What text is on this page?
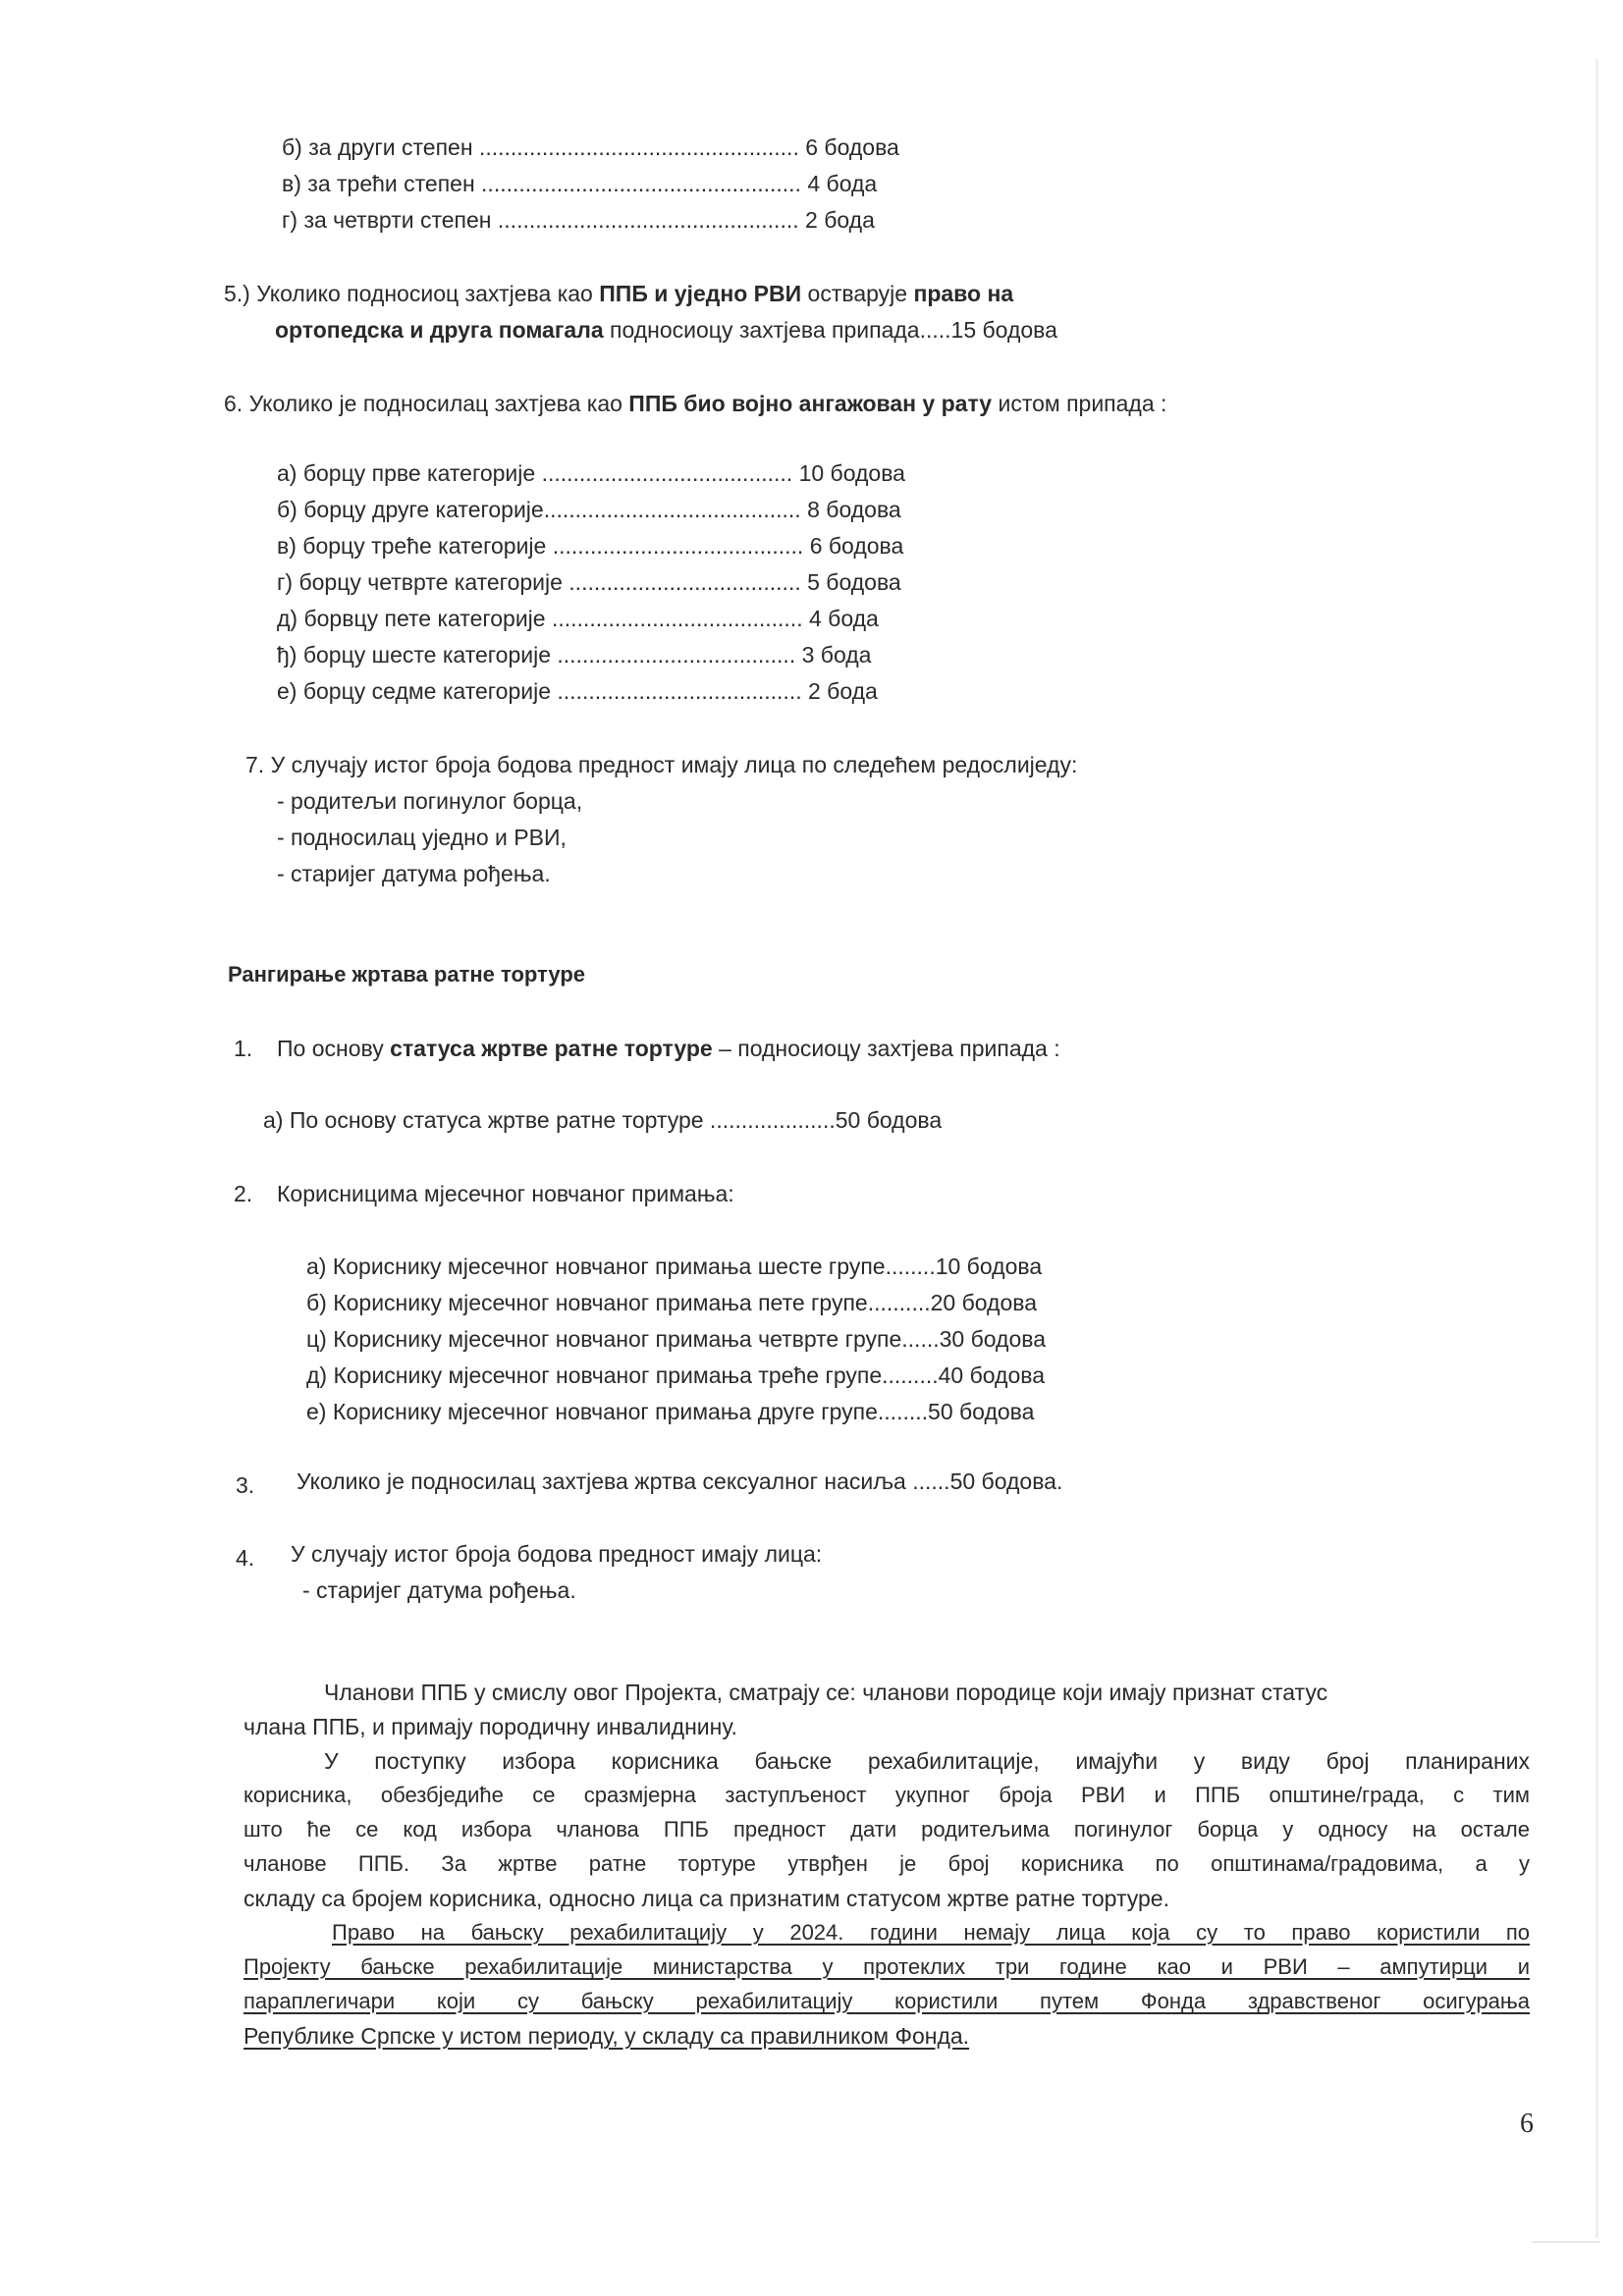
б) за други степен ................................................... 6 бодова
в) за трећи степен ................................................... 4 бода
г) за четврти степен ................................................ 2 бода
5.) Уколико подносиоц захтјева као ППБ и уједно РВИ остварује право на
ортопедска и друга помагала подносиоцу захтјева припада.....15 бодова
6. Уколико је подносилац захтјева као ППБ био војно ангажован у рату истом припада :
а) борцу прве категорије ........................................ 10 бодова
б) борцу друге категорије......................................... 8 бодова
в) борцу треће категорије ........................................ 6 бодова
г) борцу четврте категорије ..................................... 5 бодова
д) борвцу пете категорије ........................................ 4 бода
ђ) борцу шесте категорије ...................................... 3 бода
е) борцу седме категорије ....................................... 2 бода
7. У случају истог броја бодова предност имају лица по следећем редослиједу:
- родитељи погинулог борца,
- подносилац уједно и РВИ,
- старијег датума рођења.
Рангирање жртава ратне тортуре
1. По основу статуса жртве ратне тортуре – подносиоцу захтјева припада :
а) По основу статуса жртве ратне тортуре ....................50 бодова
2. Корисницима мјесечног новчаног примања:
а) Кориснику мјесечног новчаног примања шесте групе........10 бодова
б) Кориснику мјесечног новчаног примања пете групе..........20 бодова
ц) Кориснику мјесечног новчаног примања четврте групе......30 бодова
д) Кориснику мјесечног новчаног примања треће групе.........40 бодова
е) Кориснику мјесечног новчаног примања друге групе........50 бодова
3. Уколико је подносилац захтјева жртва сексуалног насиља ......50 бодова.
4. У случају истог броја бодова предност имају лица:
- старијег датума рођења.
Чланови ППБ у смислу овог Пројекта, сматрају се: чланови породице који имају признат статус
члана ППБ, и примају породичну инвалиднину.
У поступку избора корисника бањске рехабилитације, имајући у виду број планираних
корисника, обезбједиће се сразмјерна заступљеност укупног броја РВИ и ППБ општине/града, с тим
што ће се код избора чланова ППБ предност дати родитељима погинулог борца у односу на остале
чланове ППБ. За жртве ратне тортуре утврђен је број корисника по општинама/градовима, а у
складу са бројем корисника, односно лица са признатим статусом жртве ратне тортуре.
Право на бањску рехабилитацију у 2024. години немају лица која су то право користили по
Пројекту бањске рехабилитације министарства у протеклих три године као и РВИ – ампутирци и
параплегичари који су бањску рехабилитацију користили путем Фонда здравственог осигурања
Републике Српске у истом периоду, у складу са правилником Фонда.
6
